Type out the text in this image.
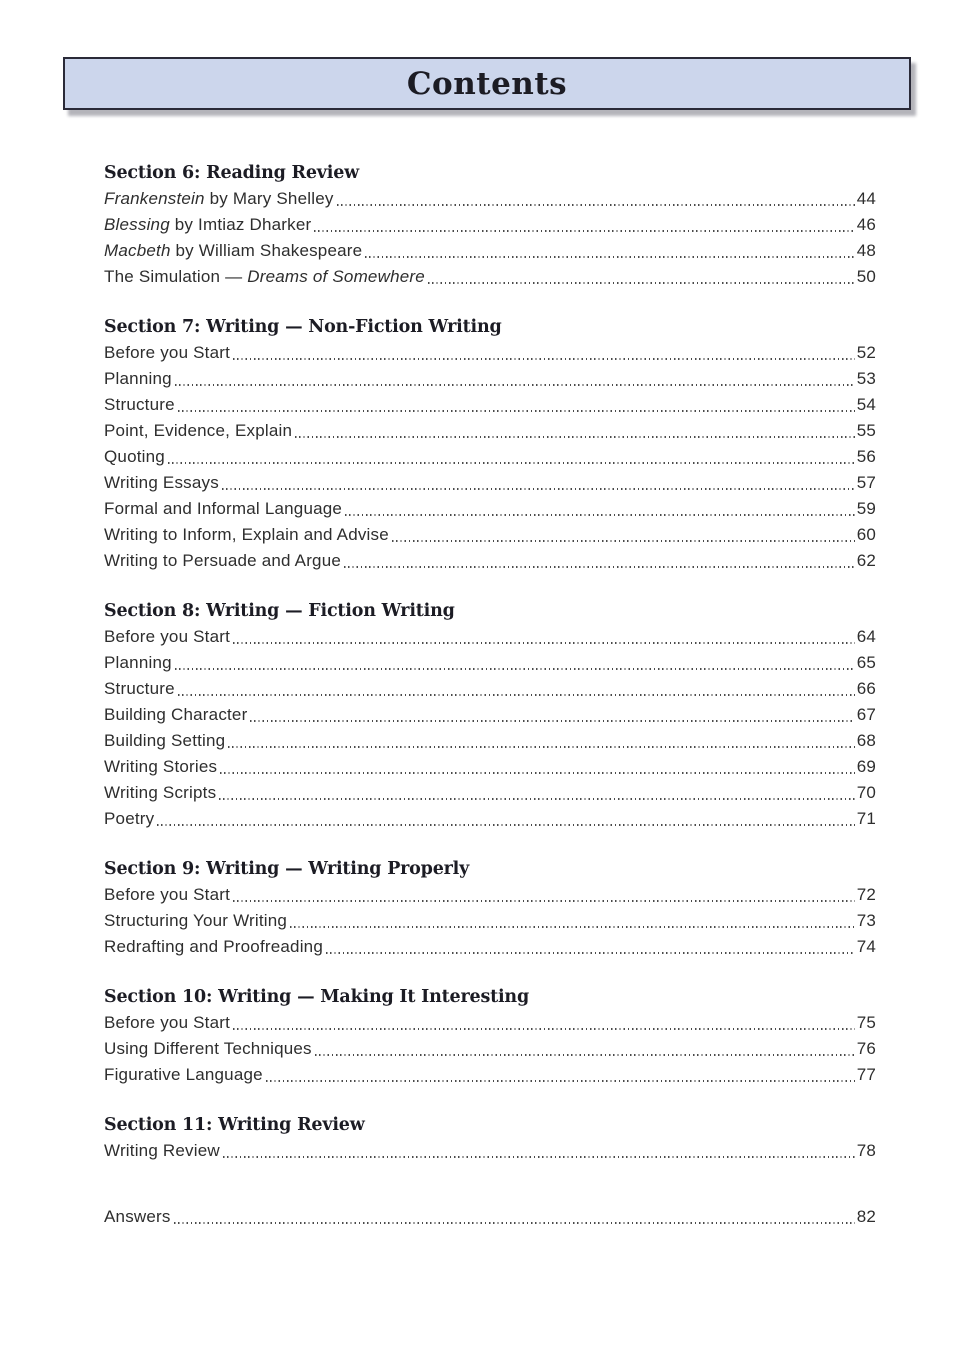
Contents
Section 6: Reading Review
Frankenstein by Mary Shelley	44
Blessing by Imtiaz Dharker	46
Macbeth by William Shakespeare	48
The Simulation — Dreams of Somewhere	50
Section 7: Writing — Non-Fiction Writing
Before you Start	52
Planning	53
Structure	54
Point, Evidence, Explain	55
Quoting	56
Writing Essays	57
Formal and Informal Language	59
Writing to Inform, Explain and Advise	60
Writing to Persuade and Argue	62
Section 8: Writing — Fiction Writing
Before you Start	64
Planning	65
Structure	66
Building Character	67
Building Setting	68
Writing Stories	69
Writing Scripts	70
Poetry	71
Section 9: Writing — Writing Properly
Before you Start	72
Structuring Your Writing	73
Redrafting and Proofreading	74
Section 10: Writing — Making It Interesting
Before you Start	75
Using Different Techniques	76
Figurative Language	77
Section 11: Writing Review
Writing Review	78
Answers	82
